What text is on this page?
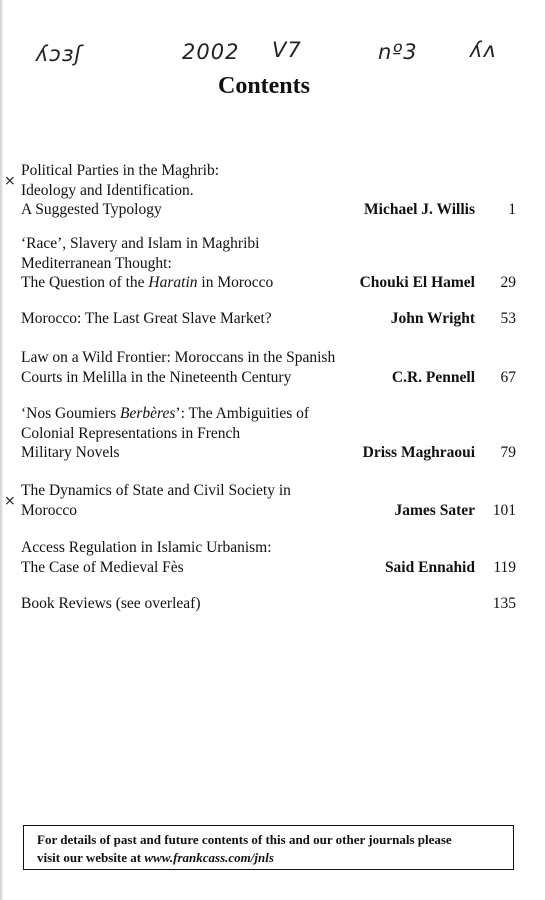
ʎɔɜʃ	2002 V7	nº3 ʎʌ
Contents
Political Parties in the Maghrib:
Ideology and Identification.
A Suggested Typology	Michael J. Willis	1
⨯
‘Race’, Slavery and Islam in Maghribi
Mediterranean Thought:
The Question of the Haratin in Morocco	Chouki El Hamel	29
Morocco: The Last Great Slave Market?	John Wright	53
Law on a Wild Frontier: Moroccans in the Spanish
Courts in Melilla in the Nineteenth Century	C.R. Pennell	67
‘Nos Goumiers Berbères’: The Ambiguities of
Colonial Representations in French
Military Novels	Driss Maghraoui	79
The Dynamics of State and Civil Society in
Morocco	James Sater	101
⨯
Access Regulation in Islamic Urbanism:
The Case of Medieval Fès	Said Ennahid	119
Book Reviews (see overleaf)	135
For details of past and future contents of this and our other journals please
visit our website at www.frankcass.com/jnls
